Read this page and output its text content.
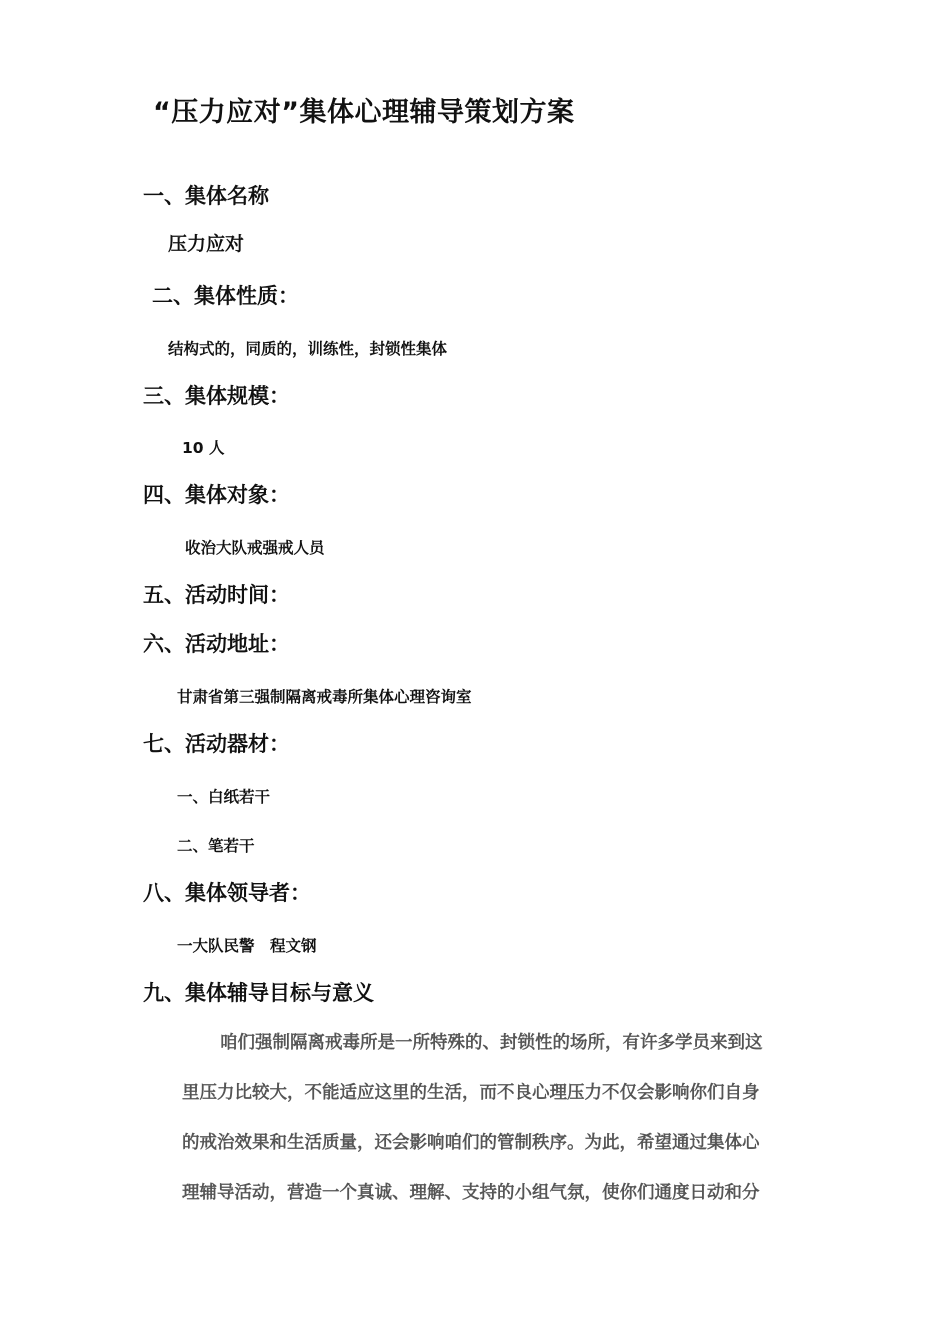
“压力应对”集体心理辅导策划方案
一、集体名称
压力应对
二、集体性质：
结构式的，同质的，训练性，封锁性集体
三、集体规模：
10 人
四、集体对象：
收治大队戒强戒人员
五、活动时间：
六、活动地址：
甘肃省第三强制隔离戒毒所集体心理咨询室
七、活动器材：
一、白纸若干
二、笔若干
八、集体领导者：
一大队民警　程文钢
九、集体辅导目标与意义
咱们强制隔离戒毒所是一所特殊的、封锁性的场所，有许多学员来到这
里压力比较大，不能适应这里的生活，而不良心理压力不仅会影响你们自身
的戒治效果和生活质量，还会影响咱们的管制秩序。为此，希望通过集体心
理辅导活动，营造一个真诚、理解、支持的小组气氛，使你们通度日动和分
